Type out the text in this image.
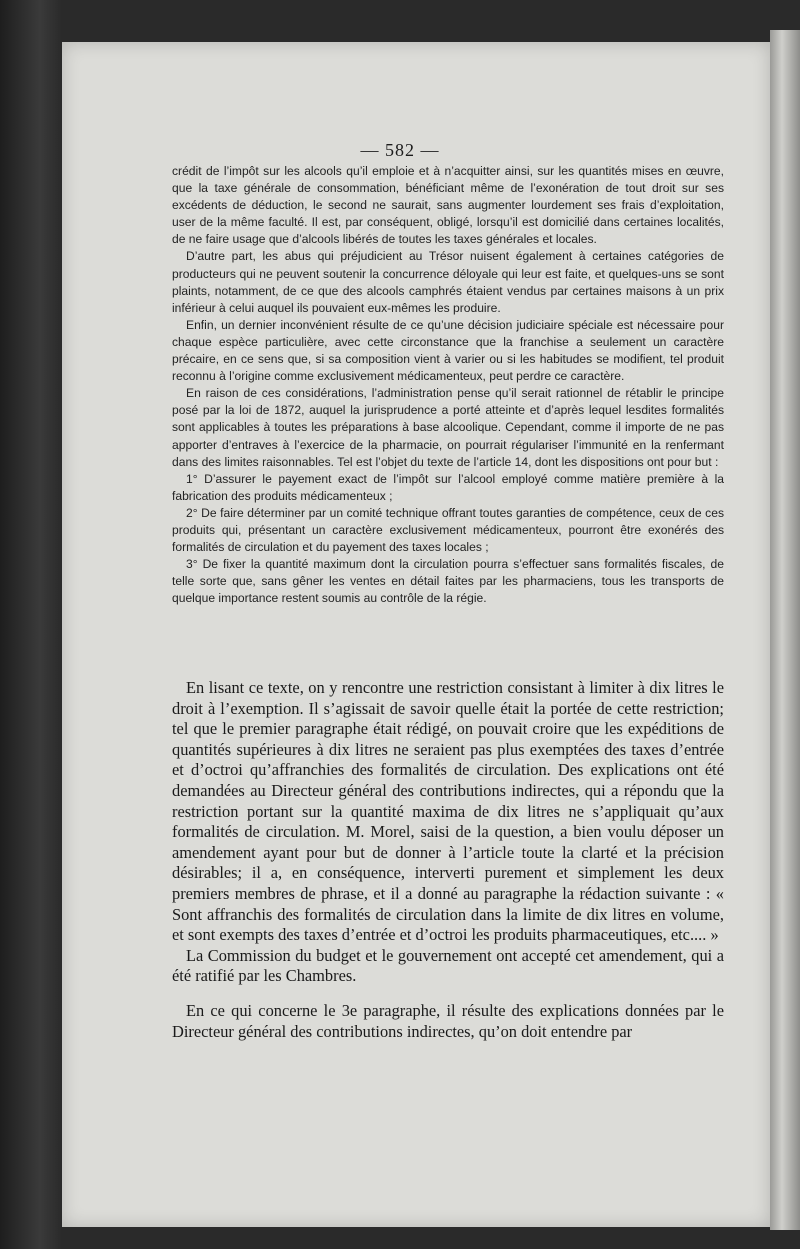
— 582 —

crédit de l’impôt sur les alcools qu’il emploie et à n’acquitter ainsi, sur les quantités mises en œuvre, que la taxe générale de consommation, bénéficiant même de l’exonération de tout droit sur ses excédents de déduction, le second ne saurait, sans augmenter lourdement ses frais d’exploitation, user de la même faculté. Il est, par conséquent, obligé, lorsqu’il est domicilié dans certaines localités, de ne faire usage que d’alcools libérés de toutes les taxes générales et locales.

D’autre part, les abus qui préjudicient au Trésor nuisent également à certaines catégories de producteurs qui ne peuvent soutenir la concurrence déloyale qui leur est faite, et quelques-uns se sont plaints, notamment, de ce que des alcools camphrés étaient vendus par certaines maisons à un prix inférieur à celui auquel ils pouvaient eux-mêmes les produire.

Enfin, un dernier inconvénient résulte de ce qu’une décision judiciaire spéciale est nécessaire pour chaque espèce particulière, avec cette circonstance que la franchise a seulement un caractère précaire, en ce sens que, si sa composition vient à varier ou si les habitudes se modifient, tel produit reconnu à l’origine comme exclusivement médicamenteux, peut perdre ce caractère.

En raison de ces considérations, l’administration pense qu’il serait rationnel de rétablir le principe posé par la loi de 1872, auquel la jurisprudence a porté atteinte et d’après lequel lesdites formalités sont applicables à toutes les préparations à base alcoolique. Cependant, comme il importe de ne pas apporter d’entraves à l’exercice de la pharmacie, on pourrait régulariser l’immunité en la renfermant dans des limites raisonnables. Tel est l’objet du texte de l’article 14, dont les dispositions ont pour but :

1° D’assurer le payement exact de l’impôt sur l’alcool employé comme matière première à la fabrication des produits médicamenteux ;

2° De faire déterminer par un comité technique offrant toutes garanties de compétence, ceux de ces produits qui, présentant un caractère exclusivement médicamenteux, pourront être exonérés des formalités de circulation et du payement des taxes locales ;

3° De fixer la quantité maximum dont la circulation pourra s’effectuer sans formalités fiscales, de telle sorte que, sans gêner les ventes en détail faites par les pharmaciens, tous les transports de quelque importance restent soumis au contrôle de la régie.

En lisant ce texte, on y rencontre une restriction consistant à limiter à dix litres le droit à l’exemption. Il s’agissait de savoir quelle était la portée de cette restriction; tel que le premier paragraphe était rédigé, on pouvait croire que les expéditions de quantités supérieures à dix litres ne seraient pas plus exemptées des taxes d’entrée et d’octroi qu’affranchies des formalités de circulation. Des explications ont été demandées au Directeur général des contributions indirectes, qui a répondu que la restriction portant sur la quantité maxima de dix litres ne s’appliquait qu’aux formalités de circulation. M. Morel, saisi de la question, a bien voulu déposer un amendement ayant pour but de donner à l’article toute la clarté et la précision désirables; il a, en conséquence, interverti purement et simplement les deux premiers membres de phrase, et il a donné au paragraphe la rédaction suivante : « Sont affranchis des formalités de circulation dans la limite de dix litres en volume, et sont exempts des taxes d’entrée et d’octroi les produits pharmaceutiques, etc.... »

La Commission du budget et le gouvernement ont accepté cet amendement, qui a été ratifié par les Chambres.

En ce qui concerne le 3e paragraphe, il résulte des explications données par le Directeur général des contributions indirectes, qu’on doit entendre par
